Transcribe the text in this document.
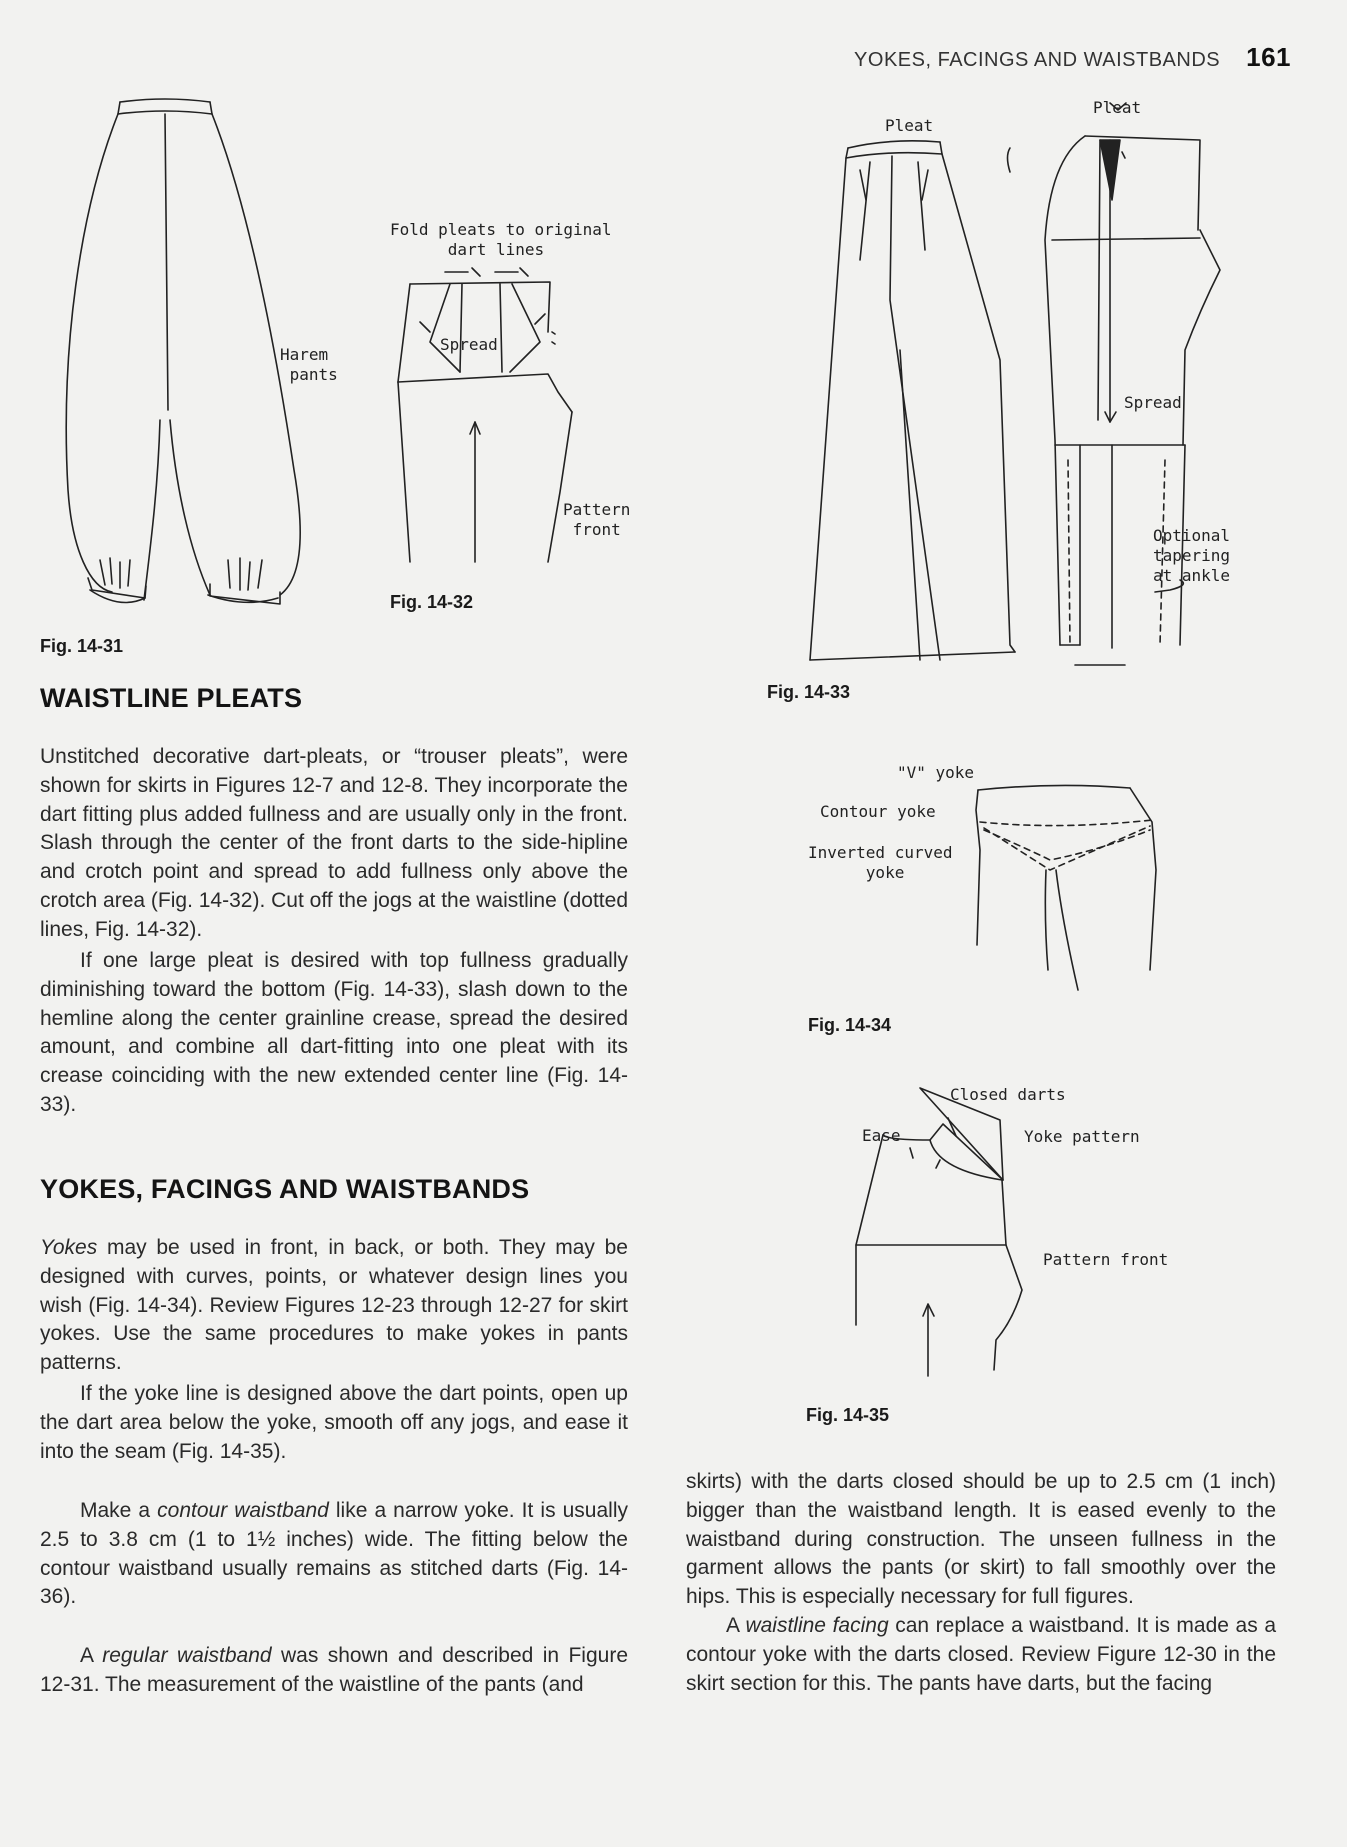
YOKES, FACINGS AND WAISTBANDS 161
Harem
pants
Fig. 14-31
Fold pleats to original
dart lines
Spread
Pattern
front
Fig. 14-32
Pleat
Pleat
Spread
Optional
tapering
at ankle
Fig. 14-33
"V" yoke
Contour yoke
Inverted curved
yoke
Fig. 14-34
Closed darts
Ease	Yoke pattern
Pattern front
Fig. 14-35
WAISTLINE PLEATS

Unstitched decorative dart-pleats, or “trouser pleats”, were shown for skirts in Figures 12-7 and 12-8. They incorporate the dart fitting plus added fullness and are usually only in the front. Slash through the center of the front darts to the side-hipline and crotch point and spread to add fullness only above the crotch area (Fig. 14-32). Cut off the jogs at the waistline (dotted lines, Fig. 14-32).

If one large pleat is desired with top fullness gradually diminishing toward the bottom (Fig. 14-33), slash down to the hemline along the center grainline crease, spread the desired amount, and combine all dart-fitting into one pleat with its crease coinciding with the new extended center line (Fig. 14-33).

YOKES, FACINGS AND WAISTBANDS

Yokes may be used in front, in back, or both. They may be designed with curves, points, or whatever design lines you wish (Fig. 14-34). Review Figures 12-23 through 12-27 for skirt yokes. Use the same procedures to make yokes in pants patterns.

If the yoke line is designed above the dart points, open up the dart area below the yoke, smooth off any jogs, and ease it into the seam (Fig. 14-35).

Make a contour waistband like a narrow yoke. It is usually 2.5 to 3.8 cm (1 to 1½ inches) wide. The fitting below the contour waistband usually remains as stitched darts (Fig. 14-36).

A regular waistband was shown and described in Figure 12-31. The measurement of the waistline of the pants (and

skirts) with the darts closed should be up to 2.5 cm (1 inch) bigger than the waistband length. It is eased evenly to the waistband during construction. The unseen fullness in the garment allows the pants (or skirt) to fall smoothly over the hips. This is especially necessary for full figures.

A waistline facing can replace a waistband. It is made as a contour yoke with the darts closed. Review Figure 12-30 in the skirt section for this. The pants have darts, but the facing
